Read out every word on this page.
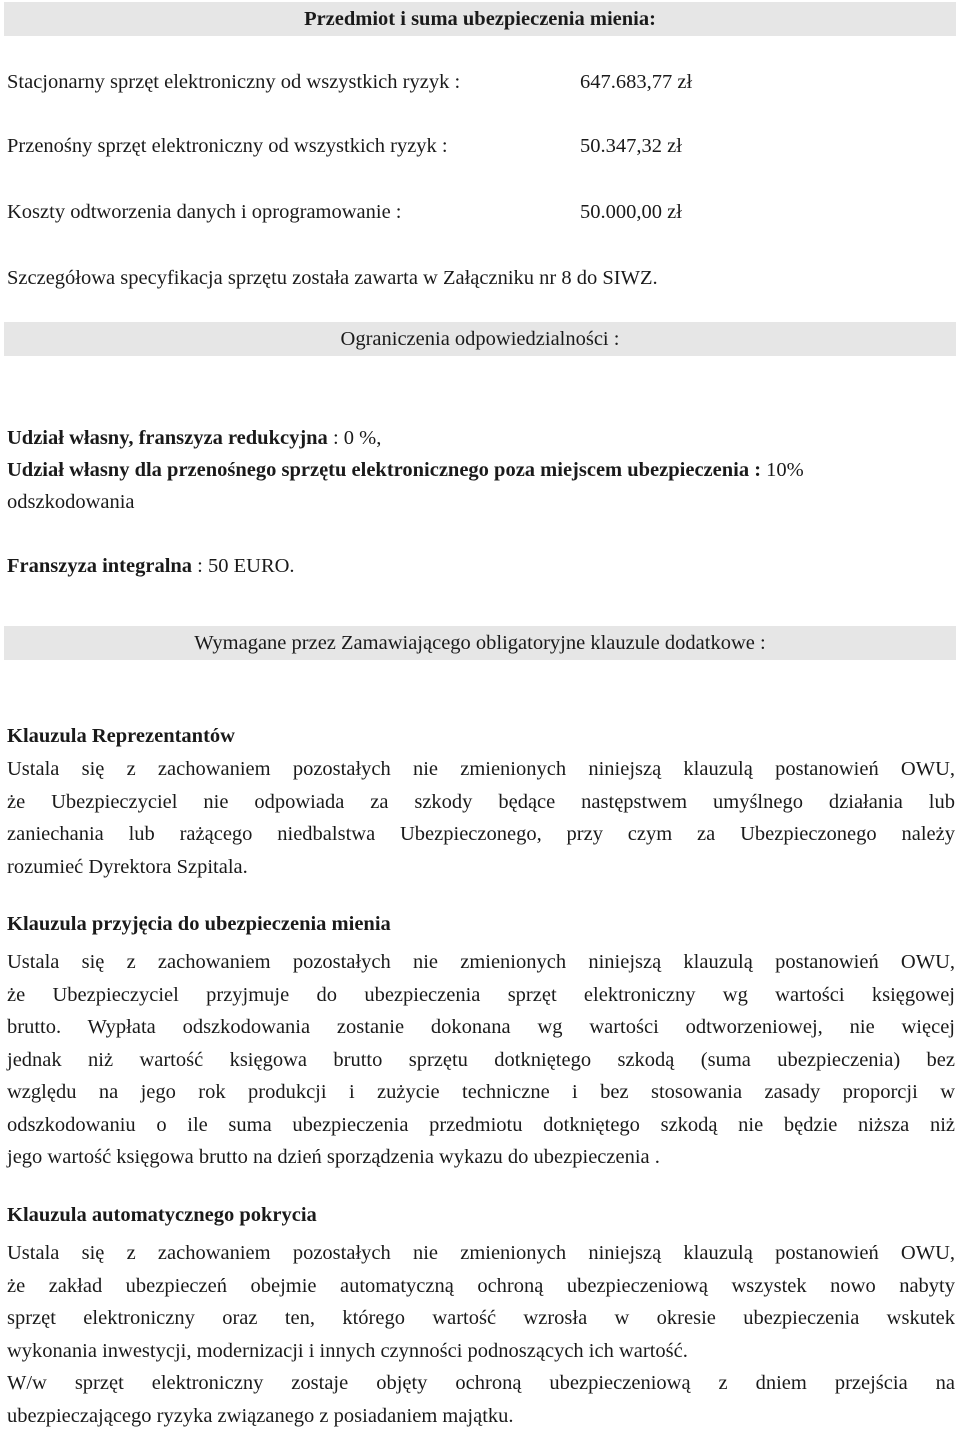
Przedmiot i suma ubezpieczenia mienia:
Stacjonarny sprzęt elektroniczny od wszystkich ryzyk :	647.683,77 zł
Przenośny sprzęt elektroniczny od wszystkich ryzyk :	50.347,32 zł
Koszty odtworzenia danych i oprogramowanie :	50.000,00 zł
Szczegółowa specyfikacja sprzętu została zawarta w Załączniku nr 8 do SIWZ.
Ograniczenia odpowiedzialności :
Udział własny, franszyza redukcyjna : 0 %,
Udział własny dla przenośnego sprzętu elektronicznego poza miejscem ubezpieczenia : 10%
odszkodowania
Franszyza integralna : 50 EURO.
Wymagane przez Zamawiającego obligatoryjne klauzule dodatkowe :
Klauzula Reprezentantów
Ustala się z zachowaniem pozostałych nie zmienionych niniejszą klauzulą postanowień OWU,
że Ubezpieczyciel nie odpowiada za szkody będące następstwem umyślnego działania lub
zaniechania lub rażącego niedbalstwa Ubezpieczonego, przy czym za Ubezpieczonego należy
rozumieć Dyrektora Szpitala.
Klauzula przyjęcia do ubezpieczenia mienia
Ustala się z zachowaniem pozostałych nie zmienionych niniejszą klauzulą postanowień OWU,
że Ubezpieczyciel przyjmuje do ubezpieczenia sprzęt elektroniczny wg wartości księgowej
brutto. Wypłata odszkodowania zostanie dokonana wg wartości odtworzeniowej, nie więcej
jednak niż wartość księgowa brutto sprzętu dotkniętego szkodą (suma ubezpieczenia) bez
względu na jego rok produkcji i zużycie techniczne i bez stosowania zasady proporcji w
odszkodowaniu o ile suma ubezpieczenia przedmiotu dotkniętego szkodą nie będzie niższa niż
jego wartość księgowa brutto na dzień sporządzenia wykazu do ubezpieczenia .
Klauzula automatycznego pokrycia
Ustala się z zachowaniem pozostałych nie zmienionych niniejszą klauzulą postanowień OWU,
że zakład ubezpieczeń obejmie automatyczną ochroną ubezpieczeniową wszystek nowo nabyty
sprzęt elektroniczny oraz ten, którego wartość wzrosła w okresie ubezpieczenia wskutek
wykonania inwestycji, modernizacji i innych czynności podnoszących ich wartość.
W/w sprzęt elektroniczny zostaje objęty ochroną ubezpieczeniową z dniem przejścia na
ubezpieczającego ryzyka związanego z posiadaniem majątku.
